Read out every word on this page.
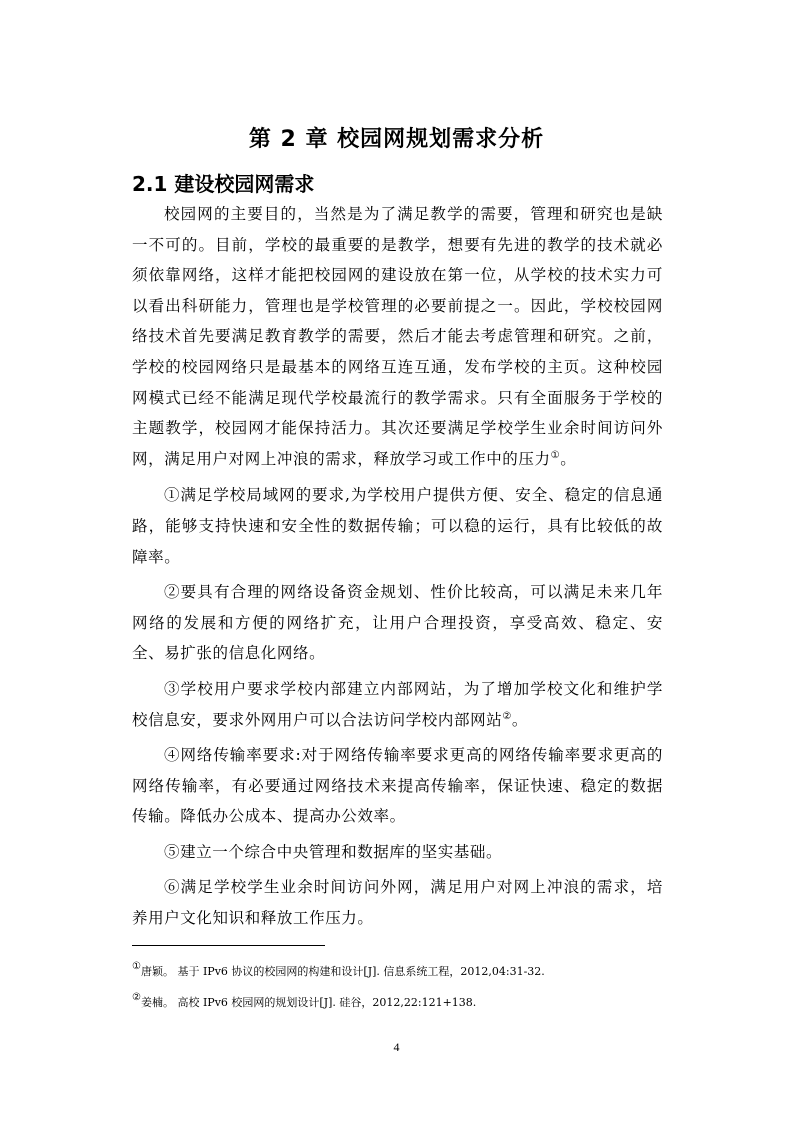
第 2 章 校园网规划需求分析
2.1 建设校园网需求

校园网的主要目的，当然是为了满足教学的需要，管理和研究也是缺一不可的。目前，学校的最重要的是教学，想要有先进的教学的技术就必须依靠网络，这样才能把校园网的建设放在第一位，从学校的技术实力可以看出科研能力，管理也是学校管理的必要前提之一。因此，学校校园网络技术首先要满足教育教学的需要，然后才能去考虑管理和研究。之前，学校的校园网络只是最基本的网络互连互通，发布学校的主页。这种校园网模式已经不能满足现代学校最流行的教学需求。只有全面服务于学校的主题教学，校园网才能保持活力。其次还要满足学校学生业余时间访问外网，满足用户对网上冲浪的需求，释放学习或工作中的压力①。

①满足学校局域网的要求,为学校用户提供方便、安全、稳定的信息通路，能够支持快速和安全性的数据传输；可以稳的运行，具有比较低的故障率。

②要具有合理的网络设备资金规划、性价比较高，可以满足未来几年网络的发展和方便的网络扩充，让用户合理投资，享受高效、稳定、安全、易扩张的信息化网络。

③学校用户要求学校内部建立内部网站，为了增加学校文化和维护学校信息安，要求外网用户可以合法访问学校内部网站②。

④网络传输率要求:对于网络传输率要求更高的网络传输率要求更高的网络传输率，有必要通过网络技术来提高传输率，保证快速、稳定的数据传输。降低办公成本、提高办公效率。

⑤建立一个综合中央管理和数据库的坚实基础。

⑥满足学校学生业余时间访问外网，满足用户对网上冲浪的需求，培养用户文化知识和释放工作压力。

①唐颖。 基于 IPv6 协议的校园网的构建和设计[J]. 信息系统工程，2012,04:31-32.
②姜楠。 高校 IPv6 校园网的规划设计[J]. 硅谷，2012,22:121+138.
4
